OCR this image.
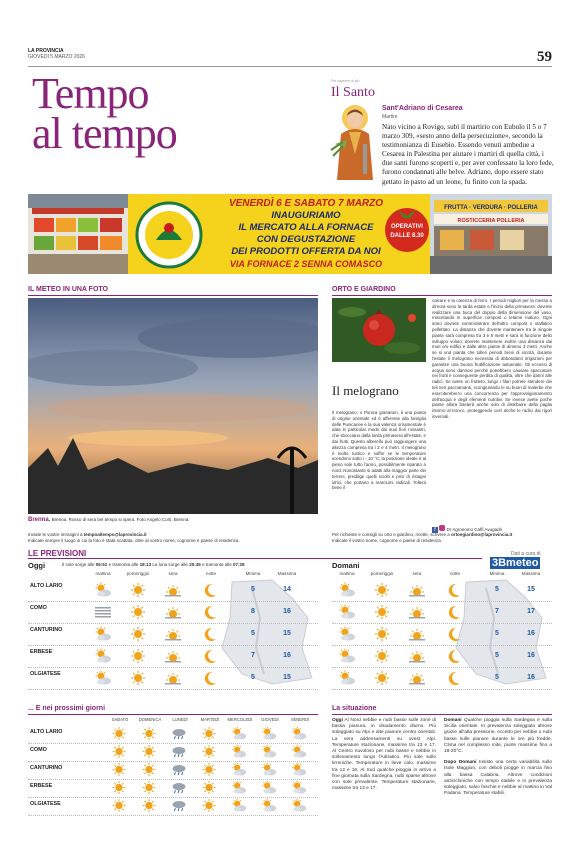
LA PROVINCIA
GIOVEDÌ 5 MARZO 2026	59
Tempo
al tempo
Per saperne di più
Il Santo
Sant'Adriano di Cesarea
Martire
Nato vicino a Rovigo, subì il martirio con Eubulo il 5 o 7 marzo 309, «sesto anno della persecuzione», secondo la testimonianza di Eusebio. Essendo venuti ambedue a Cesarea in Palestina per aiutare i martiri di quella città, i due santi furono scoperti e, per aver confessato la loro fede, furono condannati alle belve. Adriano, dopo essere stato gettato in pasto ad un leone, fu finito con la spada.
VENERDÌ 6 E SABATO 7 MARZO
INAUGURIAMO
IL MERCATO ALLA FORNACE
CON DEGUSTAZIONE
DEI PRODOTTI OFFERTA DA NOI
VIA FORNACE 2 SENNA COMASCO
OPERATIVI
DALLE 8.30
FRUTTA · VERDURA · POLLERIA
ROSTICCERIA POLLERIA
IL METEO IN UNA FOTO
Brenna. Brenna. Rosso di sera bel tempo si spera. Foto Angelo Corti, Brenna.
Inviate le vostre immagini a tempoaltempo@laprovincia.it
Indicate sempre il luogo in cui la foto è stata scattata, oltre al vostro nome, cognome e paese di residenza.
ORTO E GIARDINO
Il melograno
Il melograno, o Punica granatum, è una pianta di origine orientale ed è afferente alla famiglia delle Punicacee e la sua valenza ornamentale è data in particolar modo dai suoi fiori rossastri, che sbocciano dalla tarda primavera all'estate, e dai frutti. Questo alberello può raggiungere una altezza compresa tra i 2 e 4 metri. Il melograno è molto rustico e soffre se le temperature scendono sotto i - 10 °C; la posizione ideale è al pieno sole tutto l'anno, possibilmente riparato a nord. Nonostante si adatti alla maggior parte dei terreni, predilige quelli sciolti e privi di ristagni idrici, che portano a marciumi radicali. Tollera bene il
calcare e la carenza di ferro. I periodi migliori per la messa a dimora sono la tarda estate e l'inizio della primavera: dovrete realizzare una buca del doppio della dimensione del vaso, miscelando in superficie compost o letame maturo. Ogni anno dovrete somministrare dell'altro compost o stallatico pellettato. La distanza che dovrete mantenere tra le singole piante sarà compresa tra 3 e 5 metri e sarà in funzione dello sviluppo voluto; dovrete mantenere inoltre una distanza dai muri e/o edifici e dalle altre piante di almeno 3 metri. Anche se si una pianta che tolleri periodi brevi di siccità, durante l'estate il melograno necessita di abbondanti irrigazioni per garantire una buona fruttificazione autunnale. Gli eccessi di acqua sono dannosi perché potrebbero causare spaccature nei frutti e conseguente perdita di qualità, oltre che danni alle radici. Se avete un frutteto, lungo i filari potrete stendere dei teli neri pacciamanti, scongiurando le su buon di malerbe che esercitereberro una concorrenza per l'approvvigionamento dell'acqua e degli elementi nutritivi. Se invece avete poche piante allora basterà anche solo di distribuire della paglia intorno al tronco, proteggendo così anche le radici dai rigori invernali.
f Dr Agronomo Caffi Avogadri
Per richieste e consigli su orto e giardino, ricette, scrivere a ortoegiardino@laprovincia.it
Indicate il vostro nome, cognome e paese di residenza.
LE PREVISIONI	Dati a cura di
3Bmeteo
Oggi	Il sole sorge alle 06:51 e tramonta alle 18:13 La luna sorge alle 20:45 e tramonta alle 07:28	Domani
... E nei prossimi giorni	La situazione
Oggi Al Nord nebbie e nubi basse sulle zone di bassa pianura, in diradamento diurno. Più soleggiato su Alpi e alte pianure centro orientali. La sera addensamenti su ovest Alpi. Temperature stazionarie, massime tra 13 e 17. Al Centro nuvoloso per nubi basse e nebbie in sollevamento lungo l'Adriatico. Più sole sulle tirreniche. Temperature in lieve calo, massime tra 12 e 16. Al Sud qualche pioggia in arrivo a fine giornata sulla Sardegna, nubi sparse altrove con sole prevalente. Temperature stazionarie, massime tra 13 e 17.
Domani Qualche pioggia sulla Sardegna e sulla Sicilia orientale. In prevalenza soleggiato altrove grazie all'alta pressione, eccetto per nebbie o nubi basse sulle pianure durante le ore più fredde. Clima nel complesso mite, punte massime fino a 18-20°C.
Dopo Domani Insiste una certa variabilità sulle Isole Maggiori, con deboli piogge in marcia fino alla bassa Calabria. Altrove condizioni anticicloniche con tempo stabile e in prevalenza soleggiato, salvo foschie e nebbie al mattino in Val Padana. Temperature stabili.
mattina	pomeriggio	sera	notte	Minima	Massima	mattina	pomeriggio	sera	notte	Minima	Massima
ALTO LARIO	5	14
COMO	8	16
CANTURINO	5	15
ERBESE	7	16
OLGIATESE	5	15
5	15
7	17
5	16
5	16
5	16
SABATO	DOMENICA	LUNEDÌ	MARTEDÌ	MERCOLEDÌ	GIOVEDÌ	VENERDÌ
ALTO LARIO
COMO
CANTURINO
ERBESE
OLGIATESE
